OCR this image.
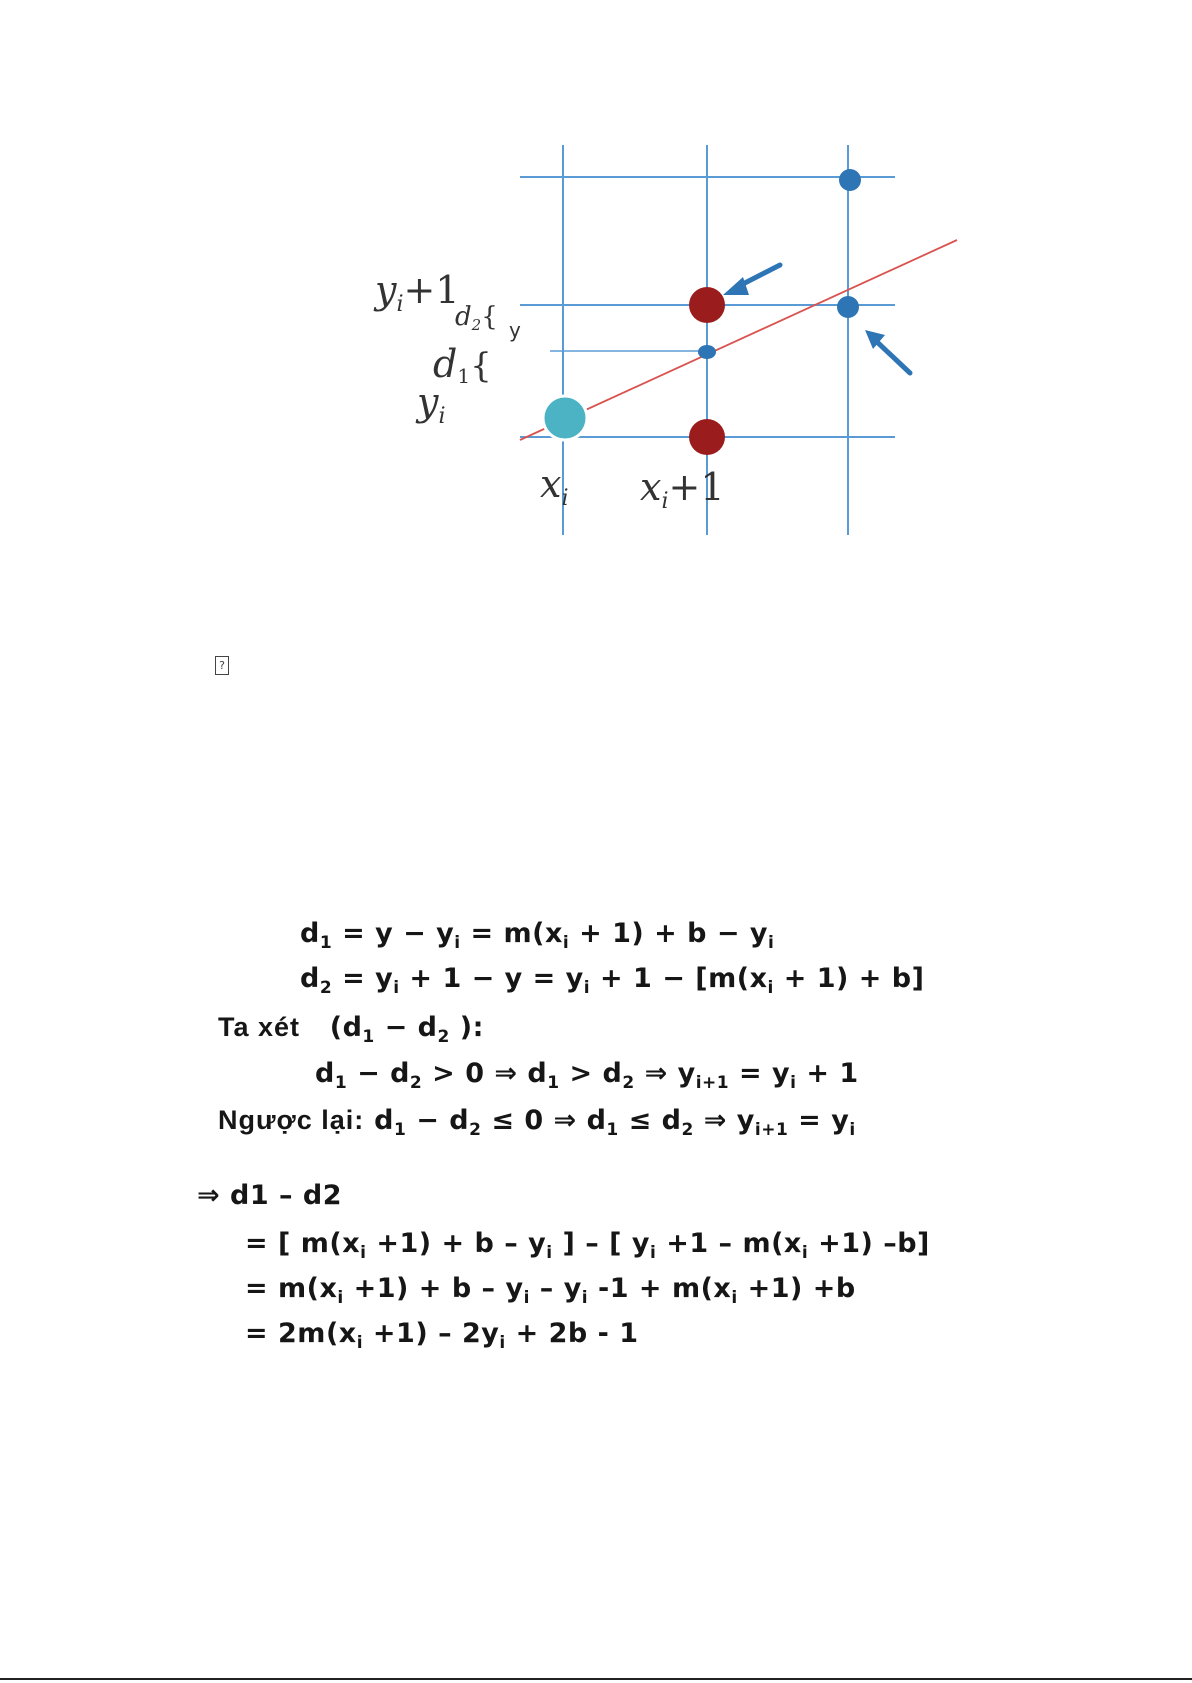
$y_i+1$
d2{ y
d1{
$y_i$
$x_i$ $x_i+1$
?
$d_1 = y - y_i = m(x_i + 1) + b - y_i$
$d_2 = y_i + 1 - y = y_i + 1 - [m(x_i + 1) + b]$
Ta xét ($d_1 - d_2$ ):
$d_1 - d_2 > 0$ ⇒ $d_1 > d_2$ ⇒ $y_{i+1} = y_i + 1$
Ngược lại: $d_1 - d_2 \le 0$ ⇒ $d_1 \le d_2$ ⇒ $y_{i+1} = y_i$
⇒ d1 – d2
= [ $m(x_i +1) + b - y_i$ ] – [ $y_i +1 - m(x_i +1)$ –b]
= $m(x_i +1) + b - y_i - y_i$ $-1 + m(x_i +1) +b$
= $2m(x_i +1) - 2y_i + 2b - 1$
